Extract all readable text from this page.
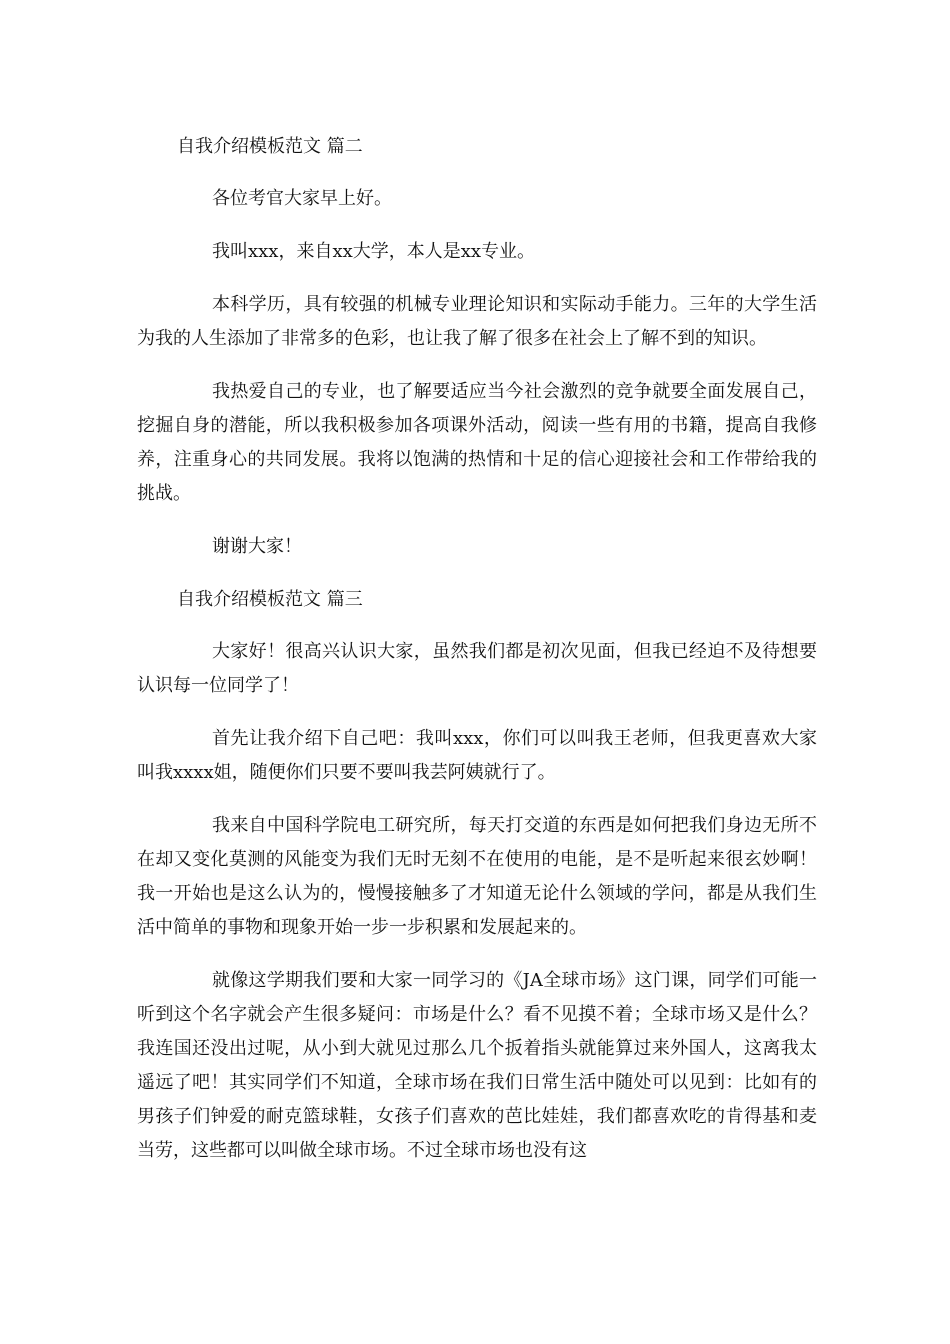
自我介绍模板范文 篇二

各位考官大家早上好。

我叫xxx，来自xx大学，本人是xx专业。

本科学历，具有较强的机械专业理论知识和实际动手能力。三年的大学生活为我的人生添加了非常多的色彩，也让我了解了很多在社会上了解不到的知识。

我热爱自己的专业，也了解要适应当今社会激烈的竞争就要全面发展自己，挖掘自身的潜能，所以我积极参加各项课外活动，阅读一些有用的书籍，提高自我修养，注重身心的共同发展。我将以饱满的热情和十足的信心迎接社会和工作带给我的挑战。

谢谢大家！

自我介绍模板范文 篇三

大家好！很高兴认识大家，虽然我们都是初次见面，但我已经迫不及待想要认识每一位同学了！

首先让我介绍下自己吧：我叫xxx，你们可以叫我王老师，但我更喜欢大家叫我xxxx姐，随便你们只要不要叫我芸阿姨就行了。

我来自中国科学院电工研究所，每天打交道的东西是如何把我们身边无所不在却又变化莫测的风能变为我们无时无刻不在使用的电能，是不是听起来很玄妙啊！我一开始也是这么认为的，慢慢接触多了才知道无论什么领域的学问，都是从我们生活中简单的事物和现象开始一步一步积累和发展起来的。

就像这学期我们要和大家一同学习的《JA全球市场》这门课，同学们可能一听到这个名字就会产生很多疑问：市场是什么？看不见摸不着；全球市场又是什么？我连国还没出过呢，从小到大就见过那么几个扳着指头就能算过来外国人，这离我太遥远了吧！其实同学们不知道，全球市场在我们日常生活中随处可以见到：比如有的男孩子们钟爱的耐克篮球鞋，女孩子们喜欢的芭比娃娃，我们都喜欢吃的肯得基和麦当劳，这些都可以叫做全球市场。不过全球市场也没有这
